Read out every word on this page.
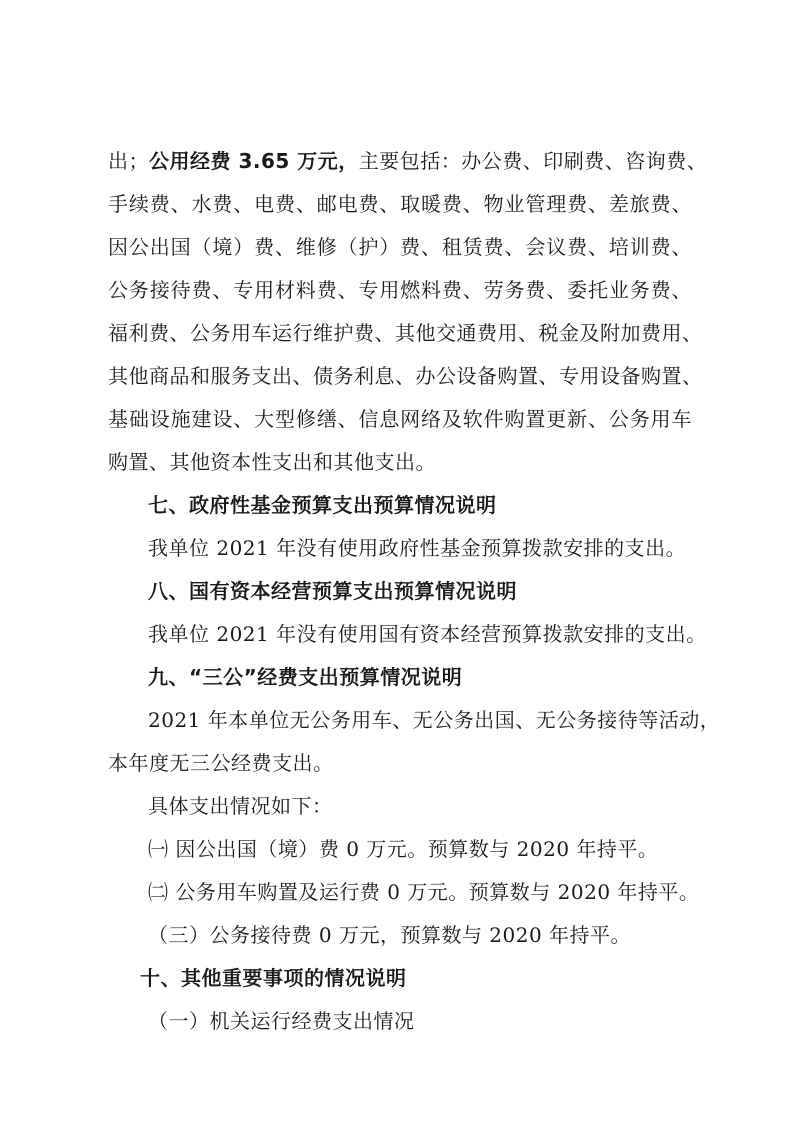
出；公用经费 3.65 万元，主要包括：办公费、印刷费、咨询费、
手续费、水费、电费、邮电费、取暖费、物业管理费、差旅费、
因公出国（境）费、维修（护）费、租赁费、会议费、培训费、
公务接待费、专用材料费、专用燃料费、劳务费、委托业务费、
福利费、公务用车运行维护费、其他交通费用、税金及附加费用、
其他商品和服务支出、债务利息、办公设备购置、专用设备购置、
基础设施建设、大型修缮、信息网络及软件购置更新、公务用车
购置、其他资本性支出和其他支出。
七、政府性基金预算支出预算情况说明
我单位 2021 年没有使用政府性基金预算拨款安排的支出。
八、国有资本经营预算支出预算情况说明
我单位 2021 年没有使用国有资本经营预算拨款安排的支出。
九、“三公”经费支出预算情况说明
2021 年本单位无公务用车、无公务出国、无公务接待等活动，
本年度无三公经费支出。
具体支出情况如下：
㈠ 因公出国（境）费 0 万元。预算数与 2020 年持平。
㈡ 公务用车购置及运行费 0 万元。预算数与 2020 年持平。
（三）公务接待费 0 万元，预算数与 2020 年持平。
十、其他重要事项的情况说明
（一）机关运行经费支出情况
